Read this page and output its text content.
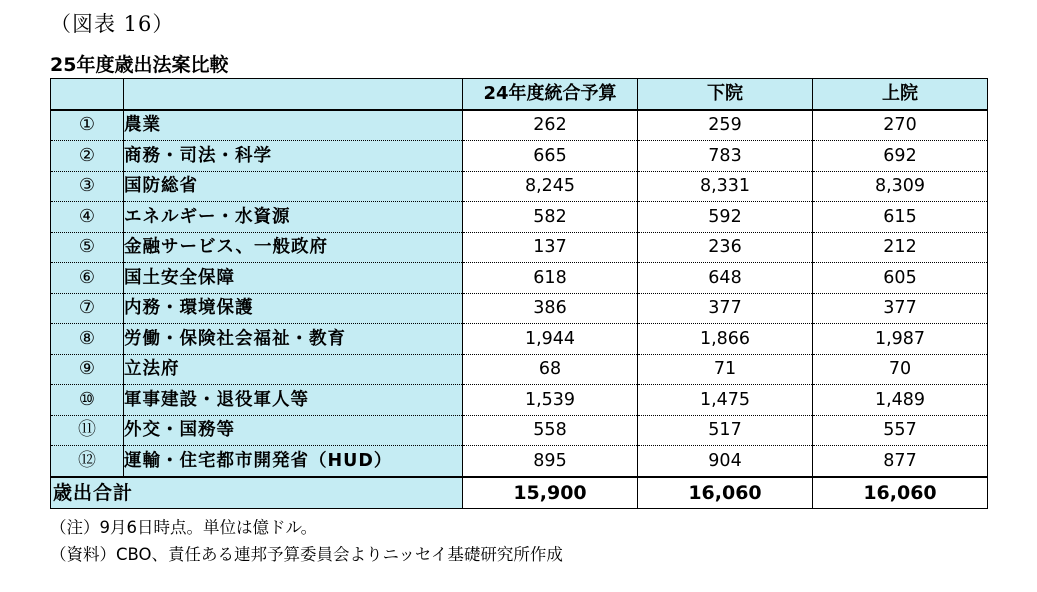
（図表 16）
25年度歳出法案比較
		24年度統合予算	下院	上院
①	農業	262	259	270
②	商務・司法・科学	665	783	692
③	国防総省	8,245	8,331	8,309
④	エネルギー・水資源	582	592	615
⑤	金融サービス、一般政府	137	236	212
⑥	国土安全保障	618	648	605
⑦	内務・環境保護	386	377	377
⑧	労働・保険社会福祉・教育	1,944	1,866	1,987
⑨	立法府	68	71	70
⑩	軍事建設・退役軍人等	1,539	1,475	1,489
⑪	外交・国務等	558	517	557
⑫	運輸・住宅都市開発省（HUD）	895	904	877
歳出合計		15,900	16,060	16,060
（注）9月6日時点。単位は億ドル。
（資料）CBO、責任ある連邦予算委員会よりニッセイ基礎研究所作成
